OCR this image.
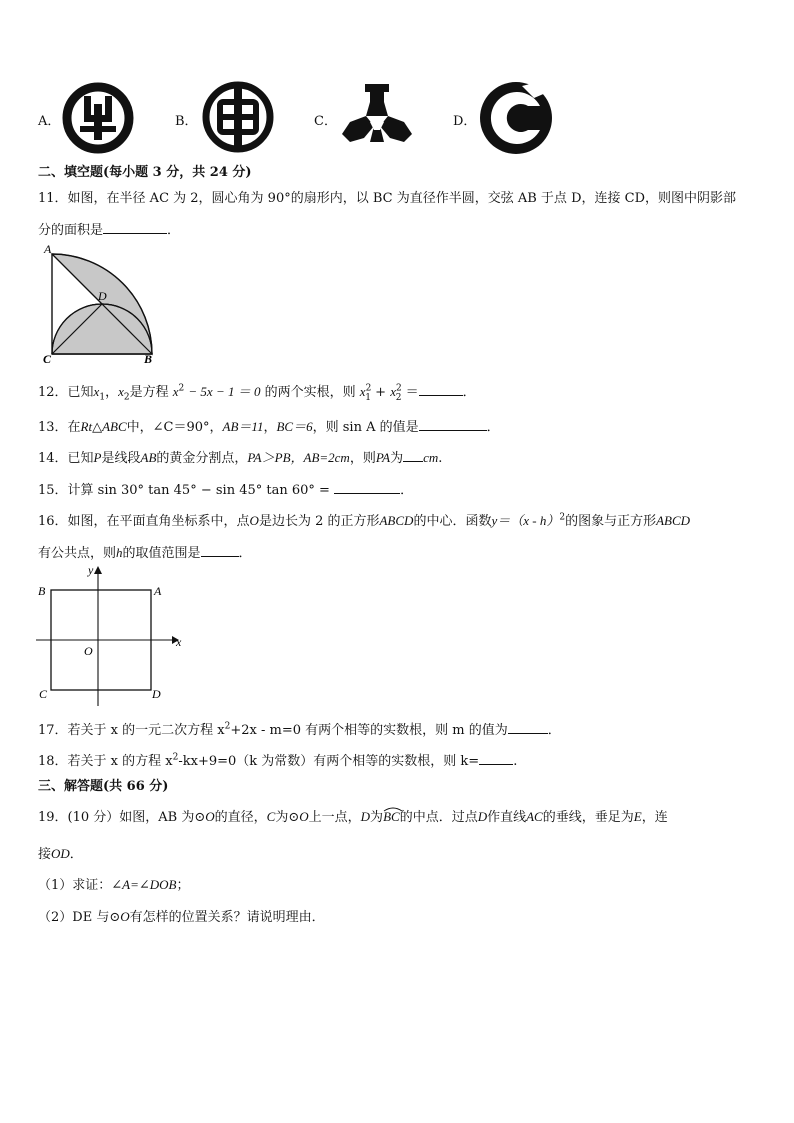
A．	B．	C．	D．
二、填空题(每小题 3 分，共 24 分)
11．如图，在半径 AC 为 2，圆心角为 90°的扇形内，以 BC 为直径作半圆，交弦 AB 于点 D，连接 CD，则图中阴影部
分的面积是	．
A
D
C	B
12．已知$x_1$，$x_2$是方程 $x^2 - 5x - 1 = 0$ 的两个实根，则 $x^2_1 + x^2_2$ ＝	．
13．在Rt△ABC中，∠C＝90°，AB＝11，BC＝6，则 sin A 的值是	．
14．已知P是线段AB的黄金分割点，PA＞PB，AB=2cm，则PA为 cm.
15．计算 sin 30° tan 45° − sin 45° tan 60° =	．
16．如图，在平面直角坐标系中，点O是边长为 2 的正方形ABCD的中心．函数y＝（x - h）$^2$的图象与正方形ABCD
有公共点，则h的取值范围是	．
B	A
C	D
O
x
y
17．若关于 x 的一元二次方程 $x^2+2x - m=0$ 有两个相等的实数根，则 m 的值为	．
18．若关于 x 的方程 $x^2-kx+9=0(k$ 为常数）有两个相等的实数根，则 k=	.
三、解答题(共 66 分)
19．(10 分）如图，AB 为⊙O的直径，C为⊙O上一点，D为
BC的中点．过点D作直线AC的垂线，垂足为E，连
接OD．
（1）求证：∠A=∠DOB；
（2）DE 与⊙O有怎样的位置关系？请说明理由．
